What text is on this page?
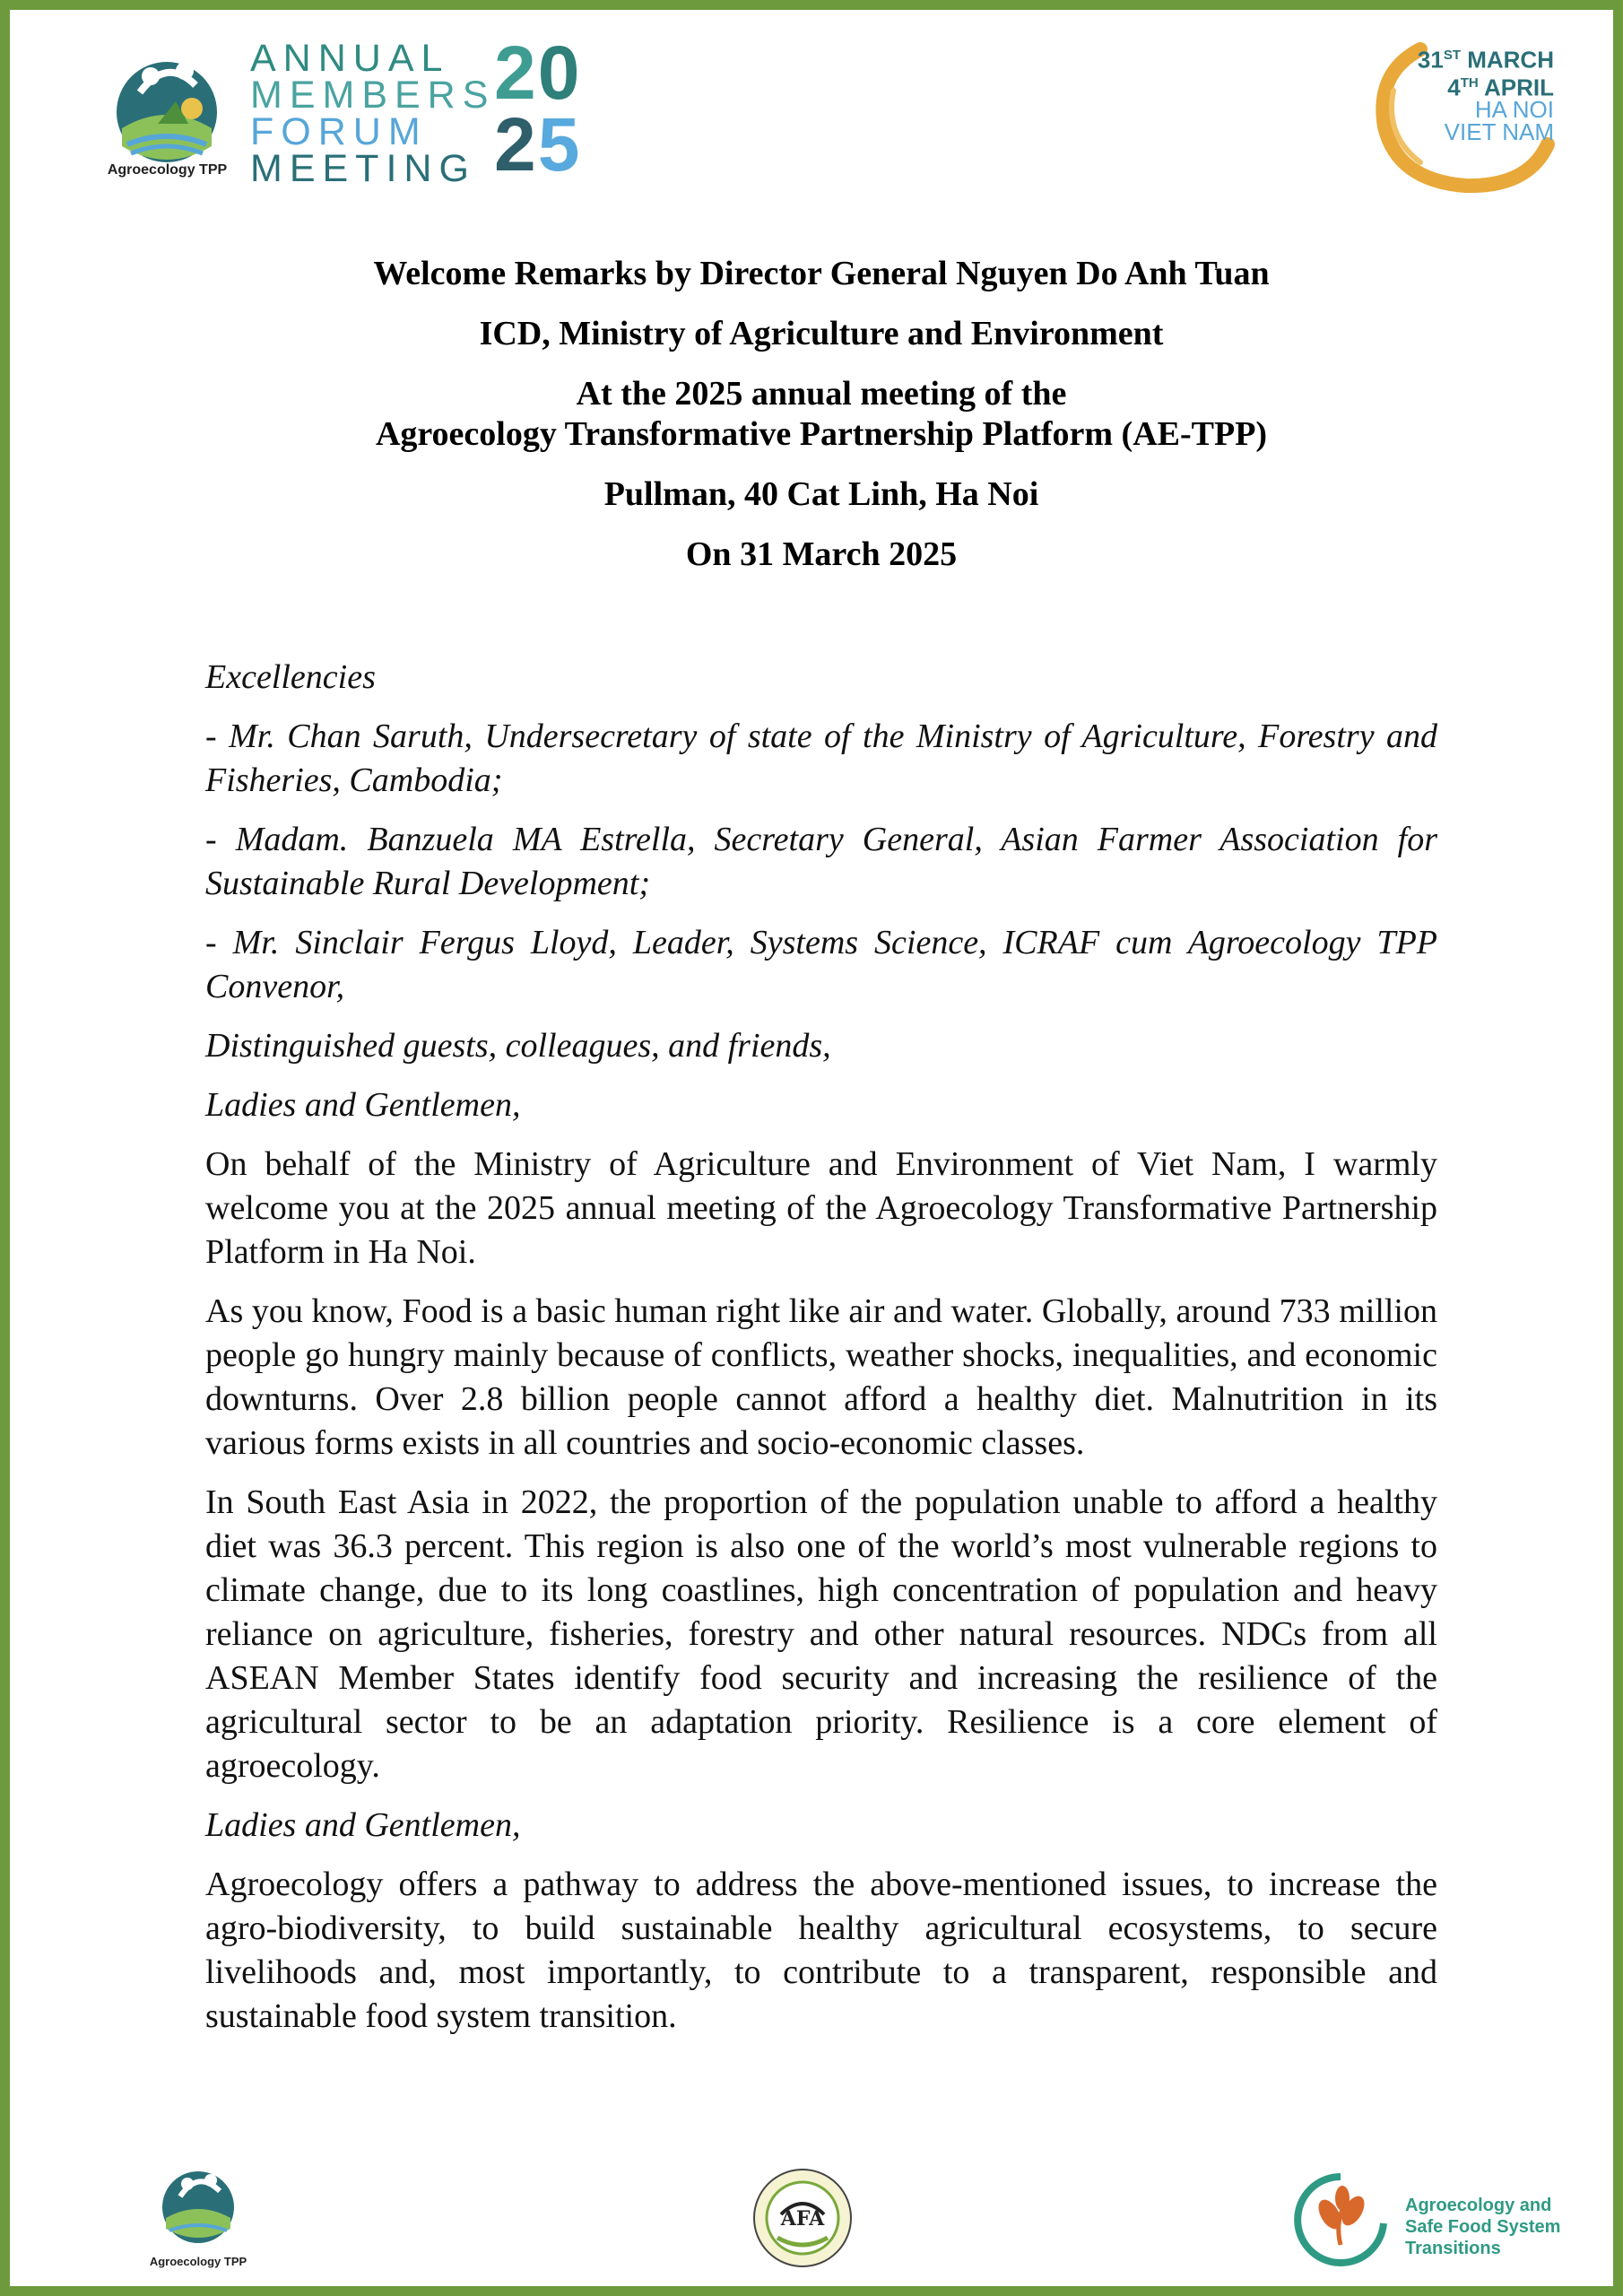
Agroecology TPP
ANNUAL
MEMBERS
FORUM
MEETING
20
25
31ST MARCH
4TH APRIL
HA NOI
VIET NAM

Welcome Remarks by Director General Nguyen Do Anh Tuan

ICD, Ministry of Agriculture and Environment

At the 2025 annual meeting of the

Agroecology Transformative Partnership Platform (AE-TPP)

Pullman, 40 Cat Linh, Ha Noi

On 31 March 2025

Excellencies

- Mr. Chan Saruth, Undersecretary of state of the Ministry of Agriculture, Forestry and Fisheries, Cambodia;

- Madam. Banzuela MA Estrella, Secretary General, Asian Farmer Association for Sustainable Rural Development;

- Mr. Sinclair Fergus Lloyd, Leader, Systems Science, ICRAF cum Agroecology TPP Convenor,

Distinguished guests, colleagues, and friends,

Ladies and Gentlemen,

On behalf of the Ministry of Agriculture and Environment of Viet Nam, I warmly welcome you at the 2025 annual meeting of the Agroecology Transformative Partnership Platform in Ha Noi.

As you know, Food is a basic human right like air and water. Globally, around 733 million people go hungry mainly because of conflicts, weather shocks, inequalities, and economic downturns. Over 2.8 billion people cannot afford a healthy diet. Malnutrition in its various forms exists in all countries and socio-economic classes.

In South East Asia in 2022, the proportion of the population unable to afford a healthy diet was 36.3 percent. This region is also one of the world’s most vulnerable regions to climate change, due to its long coastlines, high concentration of population and heavy reliance on agriculture, fisheries, forestry and other natural resources. NDCs from all ASEAN Member States identify food security and increasing the resilience of the agricultural sector to be an adaptation priority. Resilience is a core element of agroecology.

Ladies and Gentlemen,

Agroecology offers a pathway to address the above-mentioned issues, to increase the agro-biodiversity, to build sustainable healthy agricultural ecosystems, to secure livelihoods and, most importantly, to contribute to a transparent, responsible and sustainable food system transition.

Agroecology TPP
AFA
Agroecology and
Safe Food System
Transitions
